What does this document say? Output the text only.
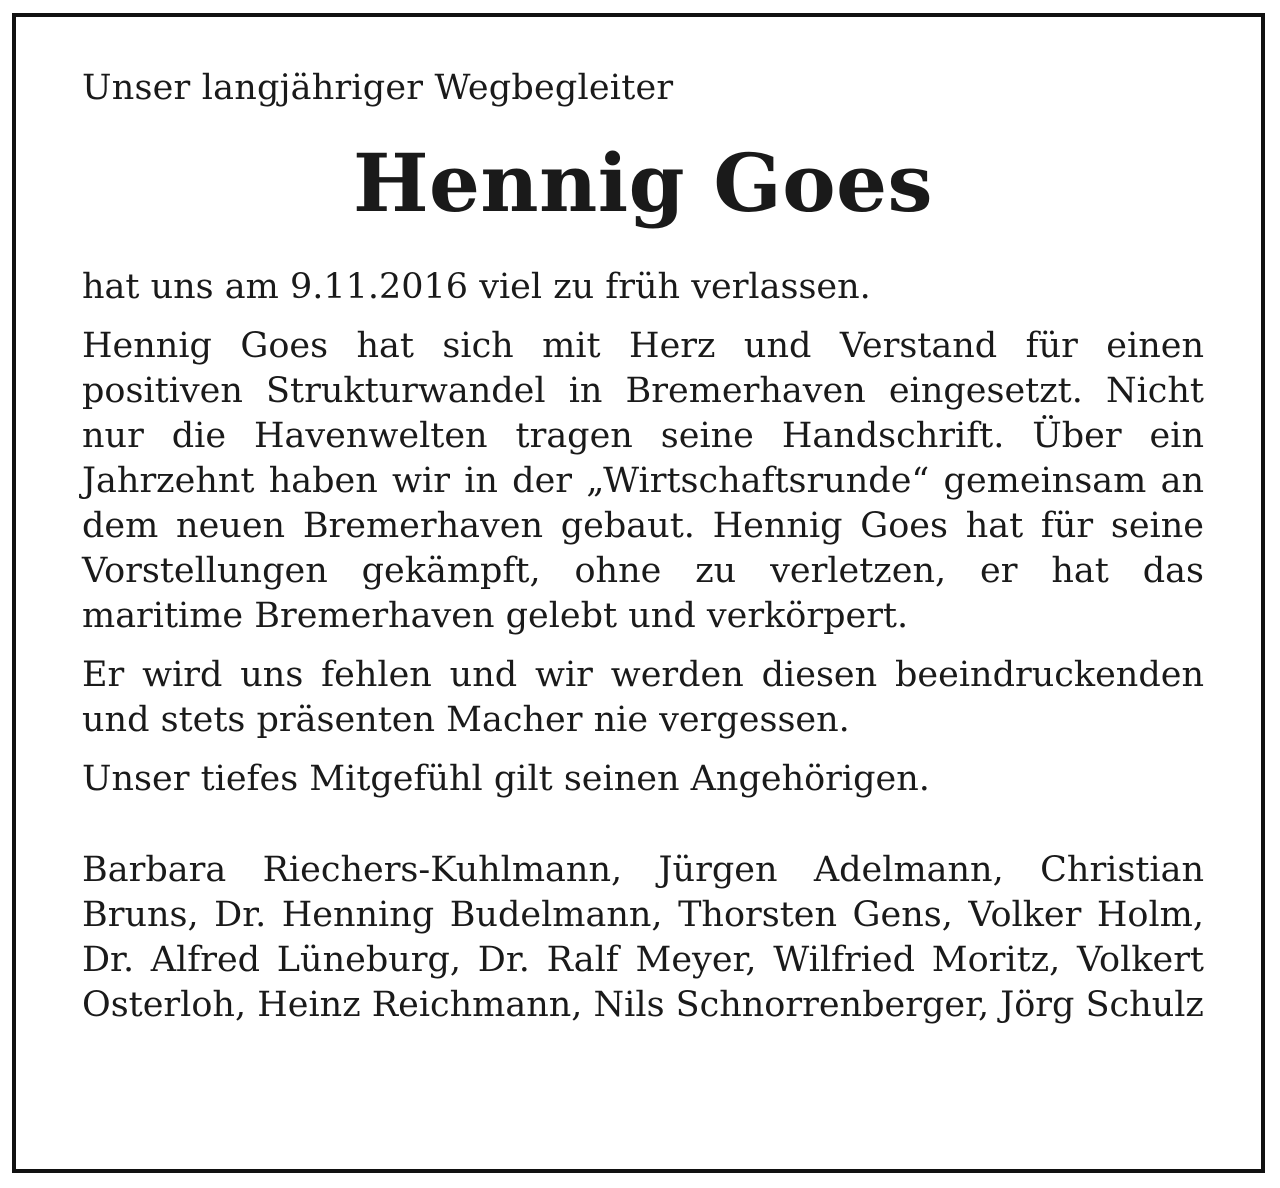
Unser langjähriger Wegbegleiter

Hennig Goes

hat uns am 9.11.2016 viel zu früh verlassen.

Hennig Goes hat sich mit Herz und Verstand für einen positiven Strukturwandel in Bremerhaven eingesetzt. Nicht nur die Havenwelten tragen seine Handschrift. Über ein Jahrzehnt haben wir in der „Wirtschaftsrunde“ gemeinsam an dem neuen Bremerhaven gebaut. Hennig Goes hat für seine Vorstellungen gekämpft, ohne zu verletzen, er hat das maritime Bremerhaven gelebt und verkörpert.

Er wird uns fehlen und wir werden diesen beeindruckenden und stets präsenten Macher nie vergessen.

Unser tiefes Mitgefühl gilt seinen Angehörigen.

Barbara Riechers-Kuhlmann, Jürgen Adelmann, Christian Bruns, Dr. Henning Budelmann, Thorsten Gens, Volker Holm, Dr. Alfred Lüneburg, Dr. Ralf Meyer, Wilfried Moritz, Volkert Osterloh, Heinz Reichmann, Nils Schnorrenberger, Jörg Schulz
